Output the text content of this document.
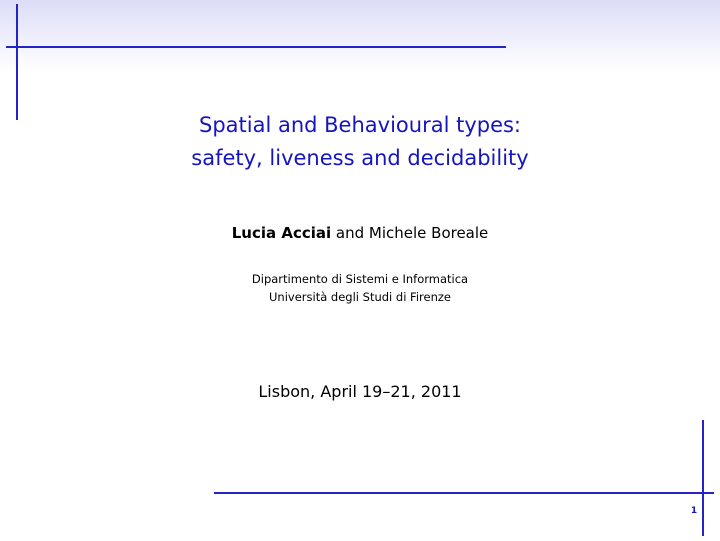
Spatial and Behavioural types:
safety, liveness and decidability
Lucia Acciai and Michele Boreale
Dipartimento di Sistemi e Informatica
Università degli Studi di Firenze
Lisbon, April 19–21, 2011
1
